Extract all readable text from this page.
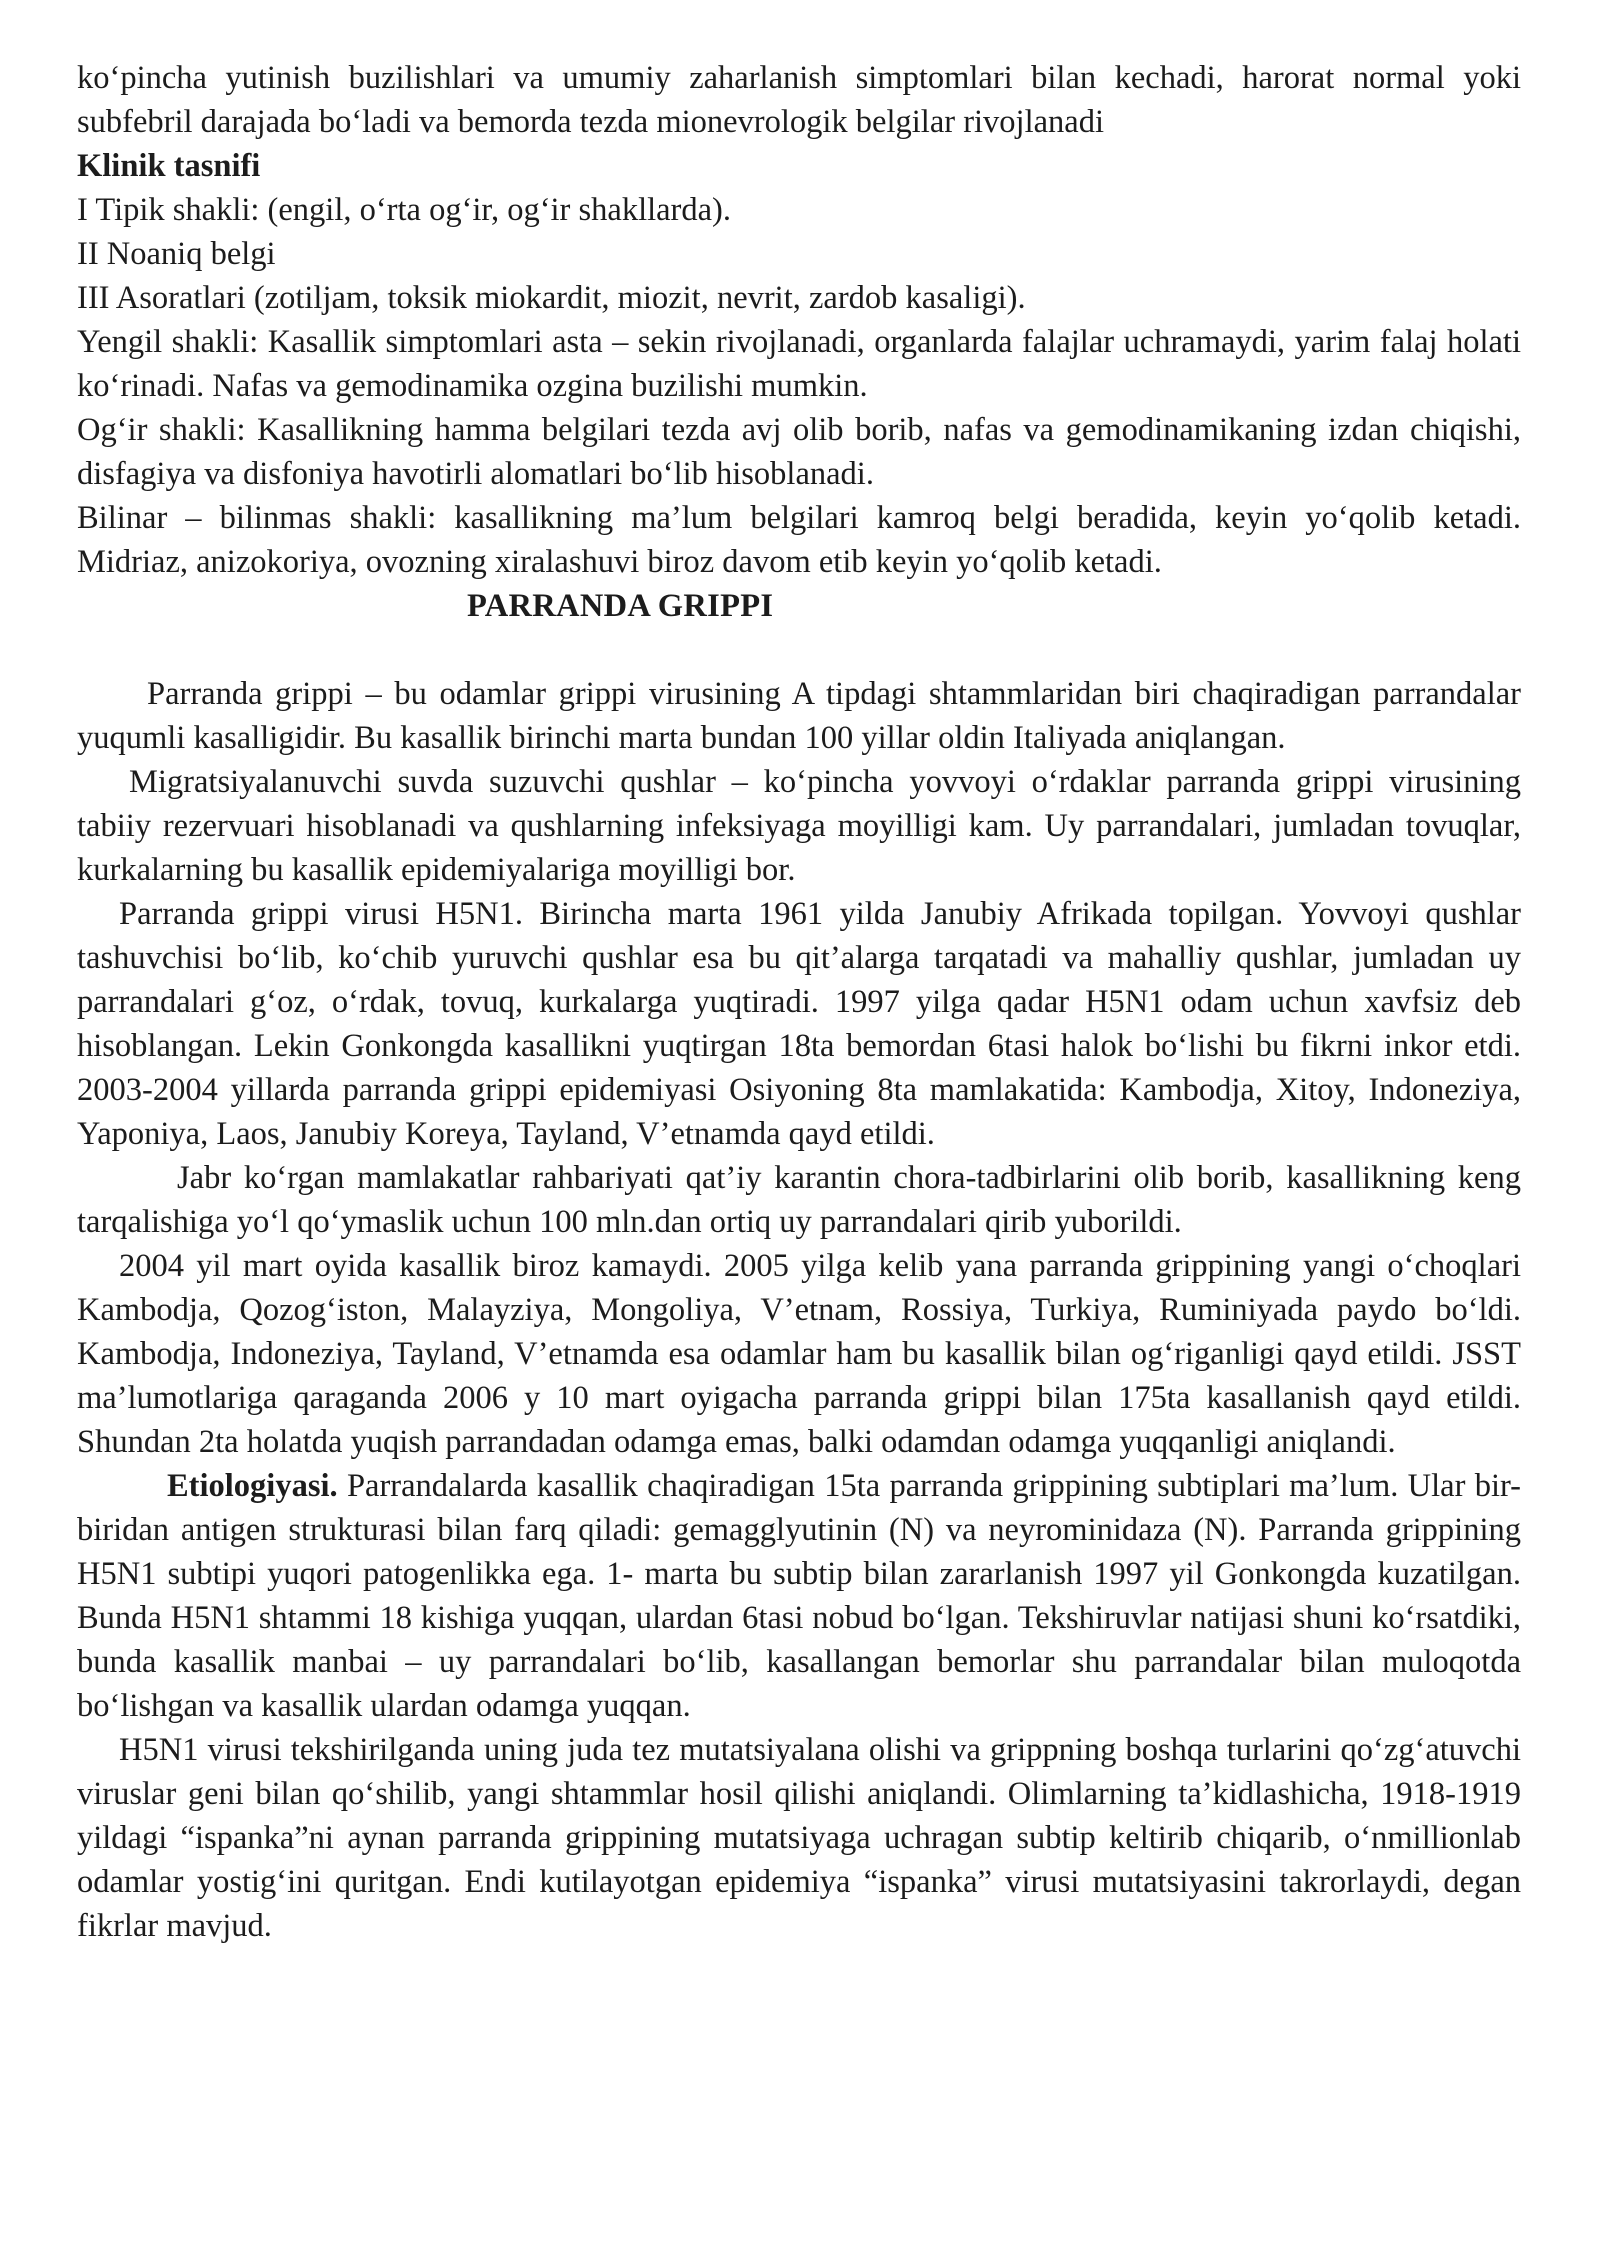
ko‘pincha yutinish buzilishlari va umumiy zaharlanish simptomlari bilan kechadi, harorat normal yoki subfebril darajada bo‘ladi va bemorda tezda mionevrologik belgilar rivojlanadi

Klinik tasnifi

I Tipik shakli: (engil, o‘rta og‘ir, og‘ir shakllarda).

II Noaniq belgi

III Asoratlari (zotiljam, toksik miokardit, miozit, nevrit, zardob kasaligi).

Yengil shakli: Kasallik simptomlari asta – sekin rivojlanadi, organlarda falajlar uchramaydi, yarim falaj holati ko‘rinadi. Nafas va gemodinamika ozgina buzilishi mumkin.

Og‘ir shakli: Kasallikning hamma belgilari tezda avj olib borib, nafas va gemodinamikaning izdan chiqishi, disfagiya va disfoniya havotirli alomatlari bo‘lib hisoblanadi.

Bilinar – bilinmas shakli: kasallikning ma’lum belgilari kamroq belgi beradida, keyin yo‘qolib ketadi. Midriaz, anizokoriya, ovozning xiralashuvi biroz davom etib keyin yo‘qolib ketadi.

PARRANDA GRIPPI

Parranda grippi – bu odamlar grippi virusining A tipdagi shtammlaridan biri chaqiradigan parrandalar yuqumli kasalligidir. Bu kasallik birinchi marta bundan 100 yillar oldin Italiyada aniqlangan.

Migratsiyalanuvchi suvda suzuvchi qushlar – ko‘pincha yovvoyi o‘rdaklar parranda grippi virusining tabiiy rezervuari hisoblanadi va qushlarning infeksiyaga moyilligi kam. Uy parrandalari, jumladan tovuqlar, kurkalarning bu kasallik epidemiyalariga moyilligi bor.

Parranda grippi virusi H5N1. Birincha marta 1961 yilda Janubiy Afrikada topilgan. Yovvoyi qushlar tashuvchisi bo‘lib, ko‘chib yuruvchi qushlar esa bu qit’alarga tarqatadi va mahalliy qushlar, jumladan uy parrandalari g‘oz, o‘rdak, tovuq, kurkalarga yuqtiradi. 1997 yilga qadar H5N1 odam uchun xavfsiz deb hisoblangan. Lekin Gonkongda kasallikni yuqtirgan 18ta bemordan 6tasi halok bo‘lishi bu fikrni inkor etdi. 2003-2004 yillarda parranda grippi epidemiyasi Osiyoning 8ta mamlakatida: Kambodja, Xitoy, Indoneziya, Yaponiya, Laos, Janubiy Koreya, Tayland, V’etnamda qayd etildi.

Jabr ko‘rgan mamlakatlar rahbariyati qat’iy karantin chora-tadbirlarini olib borib, kasallikning keng tarqalishiga yo‘l qo‘ymaslik uchun 100 mln.dan ortiq uy parrandalari qirib yuborildi.

2004 yil mart oyida kasallik biroz kamaydi. 2005 yilga kelib yana parranda grippining yangi o‘choqlari Kambodja, Qozog‘iston, Malayziya, Mongoliya, V’etnam, Rossiya, Turkiya, Ruminiyada paydo bo‘ldi. Kambodja, Indoneziya, Tayland, V’etnamda esa odamlar ham bu kasallik bilan og‘riganligi qayd etildi. JSST ma’lumotlariga qaraganda 2006 y 10 mart oyigacha parranda grippi bilan 175ta kasallanish qayd etildi. Shundan 2ta holatda yuqish parrandadan odamga emas, balki odamdan odamga yuqqanligi aniqlandi.

Etiologiyasi. Parrandalarda kasallik chaqiradigan 15ta parranda grippining subtiplari ma’lum. Ular bir-biridan antigen strukturasi bilan farq qiladi: gemagglyutinin (N) va neyrominidaza (N). Parranda grippining H5N1 subtipi yuqori patogenlikka ega. 1- marta bu subtip bilan zararlanish 1997 yil Gonkongda kuzatilgan. Bunda H5N1 shtammi 18 kishiga yuqqan, ulardan 6tasi nobud bo‘lgan. Tekshiruvlar natijasi shuni ko‘rsatdiki, bunda kasallik manbai – uy parrandalari bo‘lib, kasallangan bemorlar shu parrandalar bilan muloqotda bo‘lishgan va kasallik ulardan odamga yuqqan.

H5N1 virusi tekshirilganda uning juda tez mutatsiyalana olishi va grippning boshqa turlarini qo‘zg‘atuvchi viruslar geni bilan qo‘shilib, yangi shtammlar hosil qilishi aniqlandi. Olimlarning ta’kidlashicha, 1918-1919 yildagi “ispanka”ni aynan parranda grippining mutatsiyaga uchragan subtip keltirib chiqarib, o‘nmillionlab odamlar yostig‘ini quritgan. Endi kutilayotgan epidemiya “ispanka” virusi mutatsiyasini takrorlaydi, degan fikrlar mavjud.
